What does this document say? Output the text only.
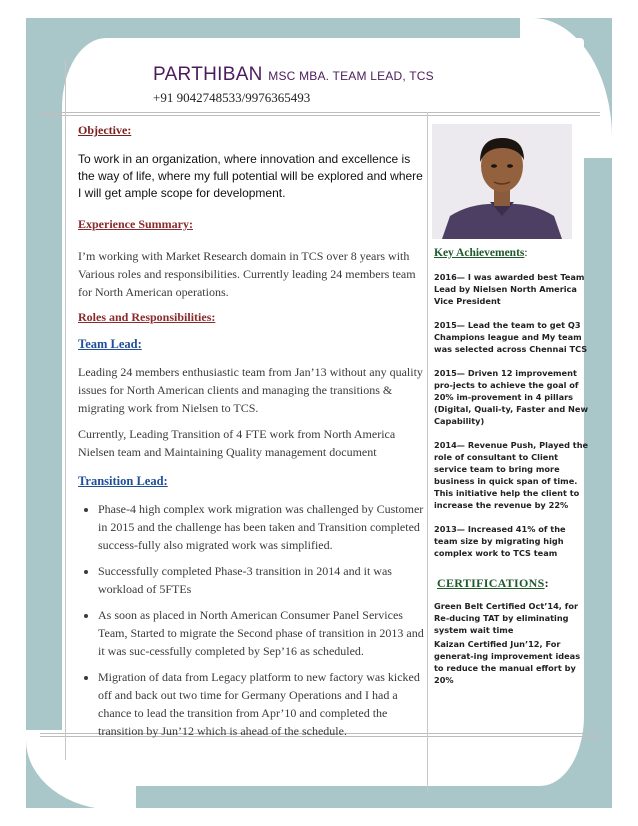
PARTHIBAN MSC MBA. TEAM LEAD, TCS
+91 9042748533/9976365493

Objective:

To work in an organization, where innovation and excellence is the way of life, where my full potential will be explored and where I will get ample scope for development.

Experience Summary:

I’m working with Market Research domain in TCS over 8 years with Various roles and responsibilities. Currently leading 24 members team for North American operations.

Roles and Responsibilities:

Team Lead:

Leading 24 members enthusiastic team from Jan’13 without any quality issues for North American clients and managing the transitions & migrating work from Nielsen to TCS.

Currently, Leading Transition of 4 FTE work from North America Nielsen team and Maintaining Quality management document

Transition Lead:

• Phase-4 high complex work migration was challenged by Customer in 2015 and the challenge has been taken and Transition completed success-fully also migrated work was simplified.
• Successfully completed Phase-3 transition in 2014 and it was workload of 5FTEs
• As soon as placed in North American Consumer Panel Services Team, Started to migrate the Second phase of transition in 2013 and it was suc-cessfully completed by Sep’16 as scheduled.
• Migration of data from Legacy platform to new factory was kicked off and back out two time for Germany Operations and I had a chance to lead the transition from Apr’10 and completed the transition by Jun’12 which is ahead of the schedule.

Key Achievements:

2016— I was awarded best Team Lead by Nielsen North America Vice President

2015— Lead the team to get Q3 Champions league and My team was selected across Chennai TCS

2015— Driven 12 improvement pro-jects to achieve the goal of 20% im-provement in 4 pillars (Digital, Quali-ty, Faster and New Capability)

2014— Revenue Push, Played the role of consultant to Client service team to bring more business in quick span of time. This initiative help the client to increase the revenue by 22%

2013— Increased 41% of the team size by migrating high complex work to TCS team

CERTIFICATIONS:

Green Belt Certified Oct’14, for Re-ducing TAT by eliminating system wait time

Kaizan Certified Jun’12, For generat-ing improvement ideas to reduce the manual effort by 20%
